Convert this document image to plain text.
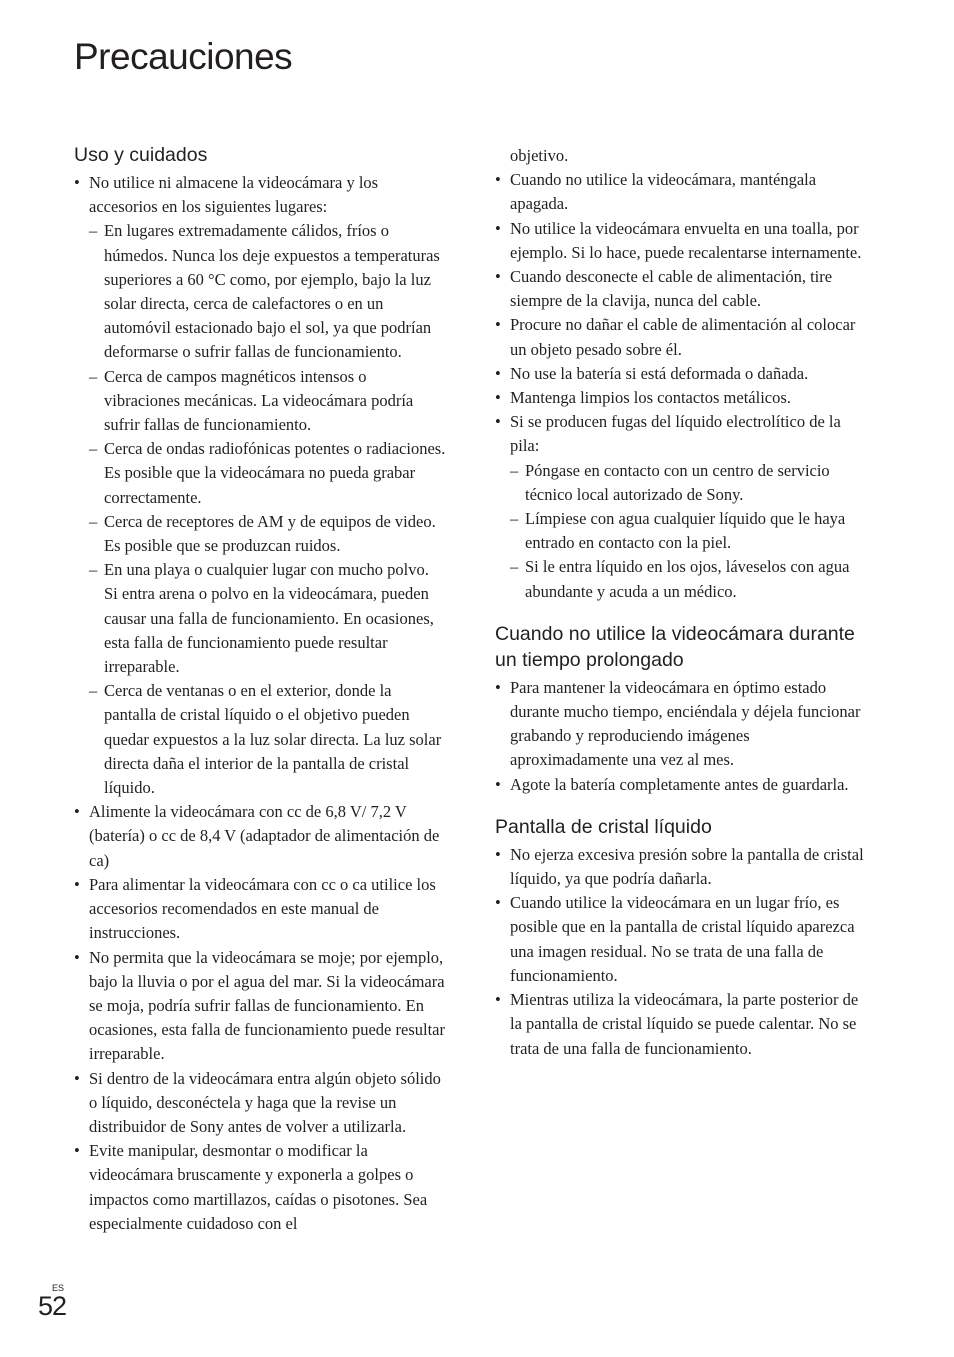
Precauciones
Uso y cuidados

• No utilice ni almacene la videocámara y los accesorios en los siguientes lugares:

– En lugares extremadamente cálidos, fríos o húmedos. Nunca los deje expuestos a temperaturas superiores a 60 °C como, por ejemplo, bajo la luz solar directa, cerca de calefactores o en un automóvil estacionado bajo el sol, ya que podrían deformarse o sufrir fallas de funcionamiento.

– Cerca de campos magnéticos intensos o vibraciones mecánicas. La videocámara podría sufrir fallas de funcionamiento.

– Cerca de ondas radiofónicas potentes o radiaciones. Es posible que la videocámara no pueda grabar correctamente.

– Cerca de receptores de AM y de equipos de video. Es posible que se produzcan ruidos.

– En una playa o cualquier lugar con mucho polvo. Si entra arena o polvo en la videocámara, pueden causar una falla de funcionamiento. En ocasiones, esta falla de funcionamiento puede resultar irreparable.

– Cerca de ventanas o en el exterior, donde la pantalla de cristal líquido o el objetivo pueden quedar expuestos a la luz solar directa. La luz solar directa daña el interior de la pantalla de cristal líquido.

• Alimente la videocámara con cc de 6,8 V/ 7,2 V (batería) o cc de 8,4 V (adaptador de alimentación de ca)

• Para alimentar la videocámara con cc o ca utilice los accesorios recomendados en este manual de instrucciones.

• No permita que la videocámara se moje; por ejemplo, bajo la lluvia o por el agua del mar. Si la videocámara se moja, podría sufrir fallas de funcionamiento. En ocasiones, esta falla de funcionamiento puede resultar irreparable.

• Si dentro de la videocámara entra algún objeto sólido o líquido, desconéctela y haga que la revise un distribuidor de Sony antes de volver a utilizarla.

• Evite manipular, desmontar o modificar la videocámara bruscamente y exponerla a golpes o impactos como martillazos, caídas o pisotones. Sea especialmente cuidadoso con el

objetivo.

• Cuando no utilice la videocámara, manténgala apagada.

• No utilice la videocámara envuelta en una toalla, por ejemplo. Si lo hace, puede recalentarse internamente.

• Cuando desconecte el cable de alimentación, tire siempre de la clavija, nunca del cable.

• Procure no dañar el cable de alimentación al colocar un objeto pesado sobre él.

• No use la batería si está deformada o dañada.

• Mantenga limpios los contactos metálicos.

• Si se producen fugas del líquido electrolítico de la pila:

– Póngase en contacto con un centro de servicio técnico local autorizado de Sony.

– Límpiese con agua cualquier líquido que le haya entrado en contacto con la piel.

– Si le entra líquido en los ojos, láveselos con agua abundante y acuda a un médico.

Cuando no utilice la videocámara durante un tiempo prolongado

• Para mantener la videocámara en óptimo estado durante mucho tiempo, enciéndala y déjela funcionar grabando y reproduciendo imágenes aproximadamente una vez al mes.

• Agote la batería completamente antes de guardarla.

Pantalla de cristal líquido

• No ejerza excesiva presión sobre la pantalla de cristal líquido, ya que podría dañarla.

• Cuando utilice la videocámara en un lugar frío, es posible que en la pantalla de cristal líquido aparezca una imagen residual. No se trata de una falla de funcionamiento.

• Mientras utiliza la videocámara, la parte posterior de la pantalla de cristal líquido se puede calentar. No se trata de una falla de funcionamiento.

ES
52
